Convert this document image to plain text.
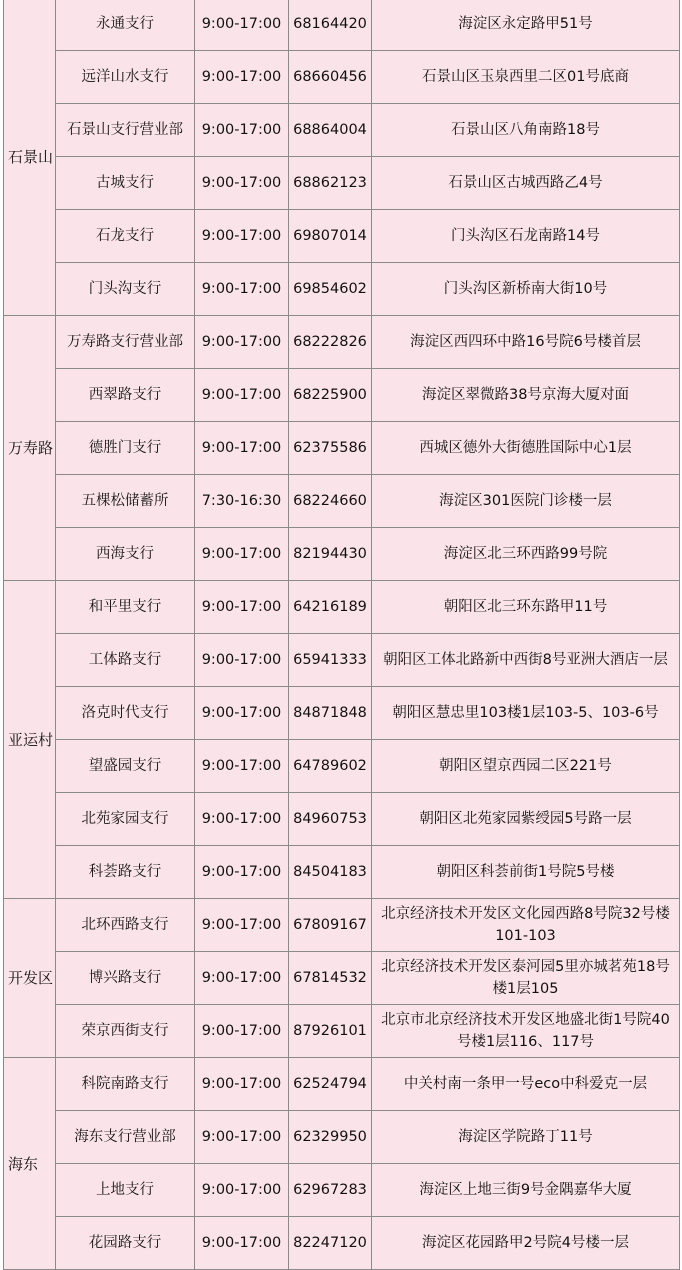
石景山	永通支行	9:00-17:00	68164420	海淀区永定路甲51号
	远洋山水支行	9:00-17:00	68660456	石景山区玉泉西里二区01号底商
	石景山支行营业部	9:00-17:00	68864004	石景山区八角南路18号
	古城支行	9:00-17:00	68862123	石景山区古城西路乙4号
	石龙支行	9:00-17:00	69807014	门头沟区石龙南路14号
	门头沟支行	9:00-17:00	69854602	门头沟区新桥南大街10号
万寿路	万寿路支行营业部	9:00-17:00	68222826	海淀区西四环中路16号院6号楼首层
	西翠路支行	9:00-17:00	68225900	海淀区翠微路38号京海大厦对面
	德胜门支行	9:00-17:00	62375586	西城区德外大街德胜国际中心1层
	五棵松储蓄所	7:30-16:30	68224660	海淀区301医院门诊楼一层
	西海支行	9:00-17:00	82194430	海淀区北三环西路99号院
亚运村	和平里支行	9:00-17:00	64216189	朝阳区北三环东路甲11号
	工体路支行	9:00-17:00	65941333	朝阳区工体北路新中西街8号亚洲大酒店一层
	洛克时代支行	9:00-17:00	84871848	朝阳区慧忠里103楼1层103-5、103-6号
	望盛园支行	9:00-17:00	64789602	朝阳区望京西园二区221号
	北苑家园支行	9:00-17:00	84960753	朝阳区北苑家园紫绶园5号路一层
	科荟路支行	9:00-17:00	84504183	朝阳区科荟前街1号院5号楼
开发区	北环西路支行	9:00-17:00	67809167	北京经济技术开发区文化园西路8号院32号楼101-103
	博兴路支行	9:00-17:00	67814532	北京经济技术开发区泰河园5里亦城茗苑18号楼1层105
	荣京西街支行	9:00-17:00	87926101	北京市北京经济技术开发区地盛北街1号院40号楼1层116、117号
海东	科院南路支行	9:00-17:00	62524794	中关村南一条甲一号eco中科爱克一层
	海东支行营业部	9:00-17:00	62329950	海淀区学院路丁11号
	上地支行	9:00-17:00	62967283	海淀区上地三街9号金隅嘉华大厦
	花园路支行	9:00-17:00	82247120	海淀区花园路甲2号院4号楼一层
